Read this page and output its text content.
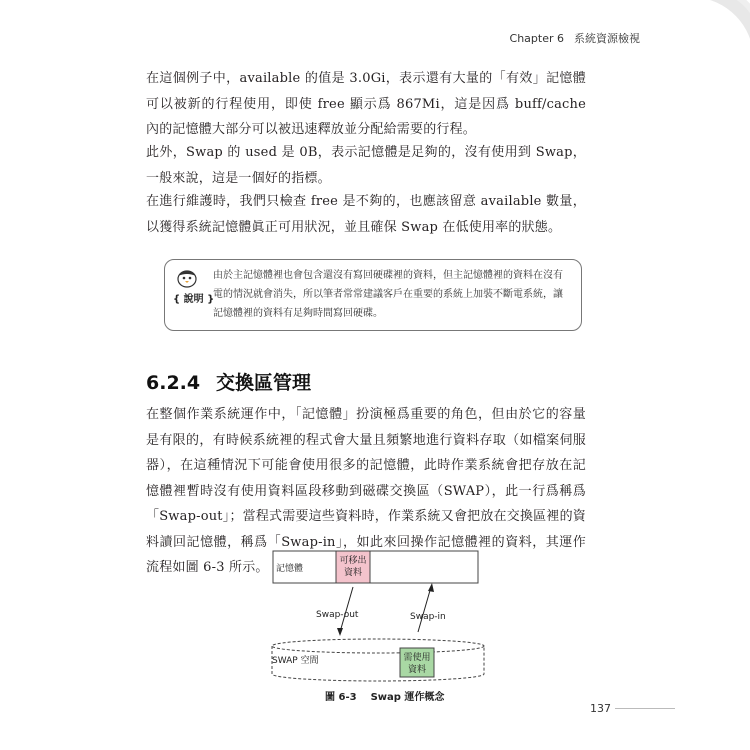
Chapter 6 系統資源檢視

在這個例子中，available 的值是 3.0Gi，表示還有大量的「有效」記憶體可以被新的行程使用，即使 free 顯示爲 867Mi，這是因爲 buff/cache 內的記憶體大部分可以被迅速釋放並分配給需要的行程。

此外，Swap 的 used 是 0B，表示記憶體是足夠的，沒有使用到 Swap，一般來說，這是一個好的指標。

在進行維護時，我們只檢查 free 是不夠的，也應該留意 available 數量，以獲得系統記憶體眞正可用狀況，並且確保 Swap 在低使用率的狀態。

{ 說明 }

由於主記憶體裡也會包含還沒有寫回硬碟裡的資料，但主記憶體裡的資料在沒有電的情況就會消失，所以筆者常常建議客戶在重要的系統上加裝不斷電系統，讓記憶體裡的資料有足夠時間寫回硬碟。

6.2.4 交換區管理

在整個作業系統運作中，「記憶體」扮演極爲重要的角色，但由於它的容量是有限的，有時候系統裡的程式會大量且頻繁地進行資料存取（如檔案伺服器），在這種情況下可能會使用很多的記憶體，此時作業系統會把存放在記憶體裡暫時沒有使用資料區段移動到磁碟交換區（SWAP），此一行爲稱爲「Swap-out」；當程式需要這些資料時，作業系統又會把放在交換區裡的資料讀回記憶體，稱爲「Swap-in」，如此來回操作記憶體裡的資料，其運作流程如圖 6-3 所示。 記憶體
可移出
資料
Swap-out	Swap-in
SWAP 空間	需使用
資料
圖 6-3 Swap 運作概念
137
